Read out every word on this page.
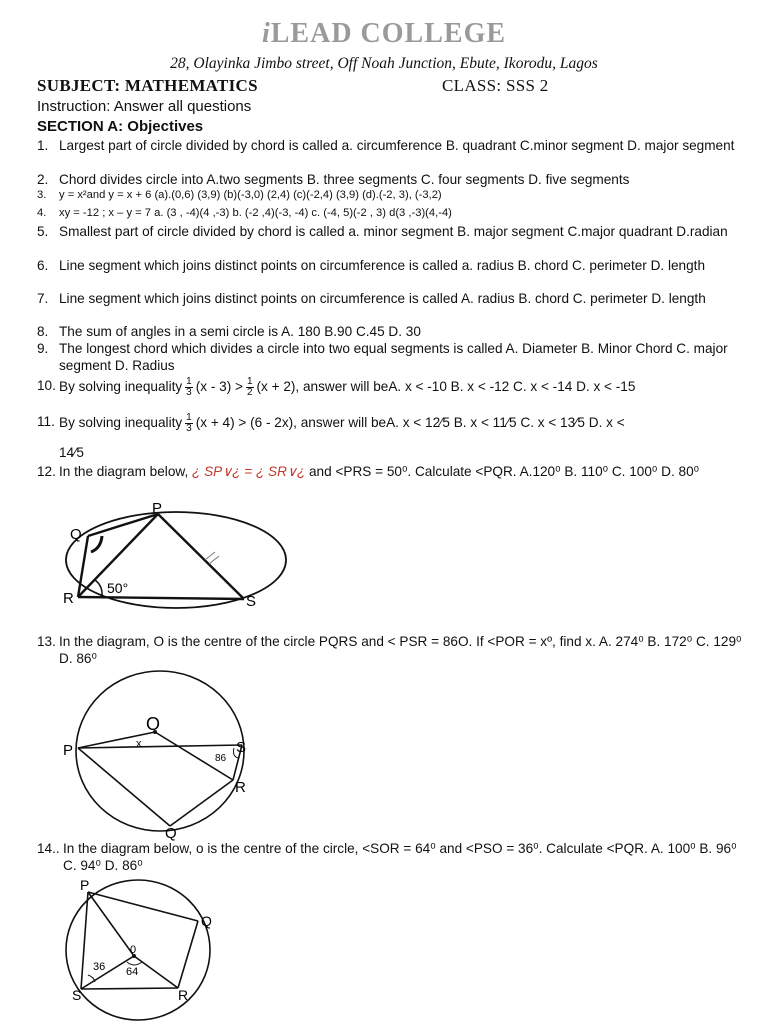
iLEAD COLLEGE
28, Olayinka Jimbo street, Off Noah Junction, Ebute, Ikorodu, Lagos
SUBJECT: MATHEMATICS	CLASS: SSS 2
Instruction: Answer all questions
SECTION A: Objectives
1. Largest part of circle divided by chord is called a. circumference B. quadrant C.minor segment D. major segment
2. Chord divides circle into A.two segments B. three segments C. four segments D. five segments
3. y = x²and y = x + 6 (a).(0,6) (3,9) (b)(-3,0) (2,4) (c)(-2,4) (3,9) (d).(-2, 3), (-3,2)
4. xy = -12 ; x – y = 7 a. (3 , -4)(4 ,-3) b. (-2 ,4)(-3, -4) c. (-4, 5)(-2 , 3) d(3 ,-3)(4,-4)
5. Smallest part of circle divided by chord is called a. minor segment B. major segment C.major quadrant D.radian
6. Line segment which joins distinct points on circumference is called a. radius B. chord C. perimeter D. length
7. Line segment which joins distinct points on circumference is called A. radius B. chord C. perimeter D. length
8. The sum of angles in a semi circle is A. 180 B.90 C.45 D. 30
9. The longest chord which divides a circle into two equal segments is called A. Diameter B. Minor Chord C. major segment D. Radius
10. By solving inequality $\frac{1}{3} (x - 3) > \frac{1}{2} (x + 2)$, answer will beA. x < -10 B. x < -12 C. x < -14 D. x < -15
11. By solving inequality $\frac{1}{3} (x + 4) > (6 - 2x)$, answer will beA. x < 12⁄5 B. x < 11⁄5 C. x < 13⁄5 D. x <
14⁄5
12. In the diagram below, ¿ SP∨¿ = ¿ SR∨¿ and <PRS = 50⁰. Calculate <PQR. A.120⁰ B. 110⁰ C. 100⁰ D. 80⁰
P
Q
R	S
50°
13. In the diagram, O is the centre of the circle PQRS and < PSR = 86O. If <POR = xº, find x. A. 274⁰ B. 172⁰ C. 129⁰ D. 86⁰
O
P	S
R
Q
x
86
14.. In the diagram below, o is the centre of the circle, <SOR = 64⁰ and <PSO = 36⁰. Calculate <PQR. A. 100⁰ B. 96⁰ C. 94⁰ D. 86⁰
P
Q
S	R
0
36 64
